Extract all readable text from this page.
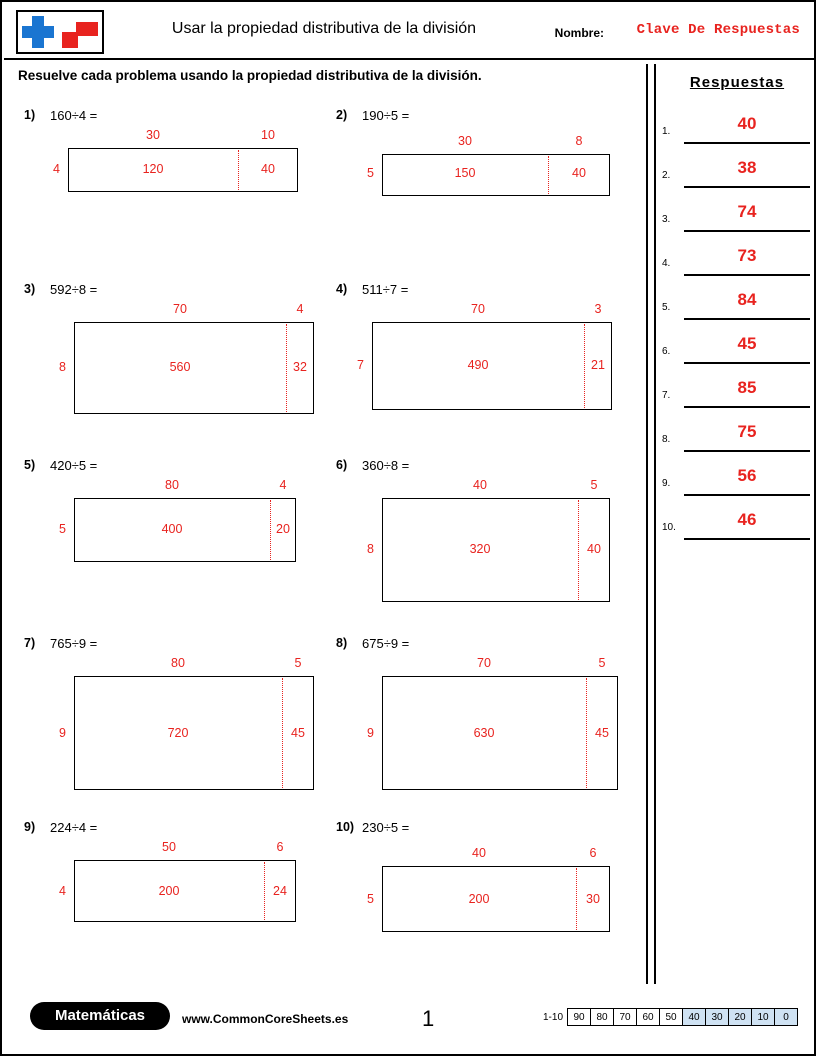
Usar la propiedad distributiva de la división	Nombre: Clave De Respuestas
Resuelve cada problema usando la propiedad distributiva de la división.	Respuestas
1.	40
2.	38
3.	74
4.	73
5.	84
6.	45
7.	85
8.	75
9.	56
10.	46
1) 160÷4 =
30	10
4	120	40
2) 190÷5 =
30	8
5	150	40
3) 592÷8 =
70	4
8	560	32
4) 511÷7 =
70	3
7	490	21
5) 420÷5 =
80	4
5	400	20
6) 360÷8 =
40	5
8	320	40
7) 765÷9 =
80	5
9	720	45
8) 675÷9 =
70	5
9	630	45
9) 224÷4 =
50	6
4	200	24
10) 230÷5 =
40	6
5	200	30
Matemáticas	www.CommonCoreSheets.es	1	1-10	90	80	70	60	50	40	30	20	10	0
